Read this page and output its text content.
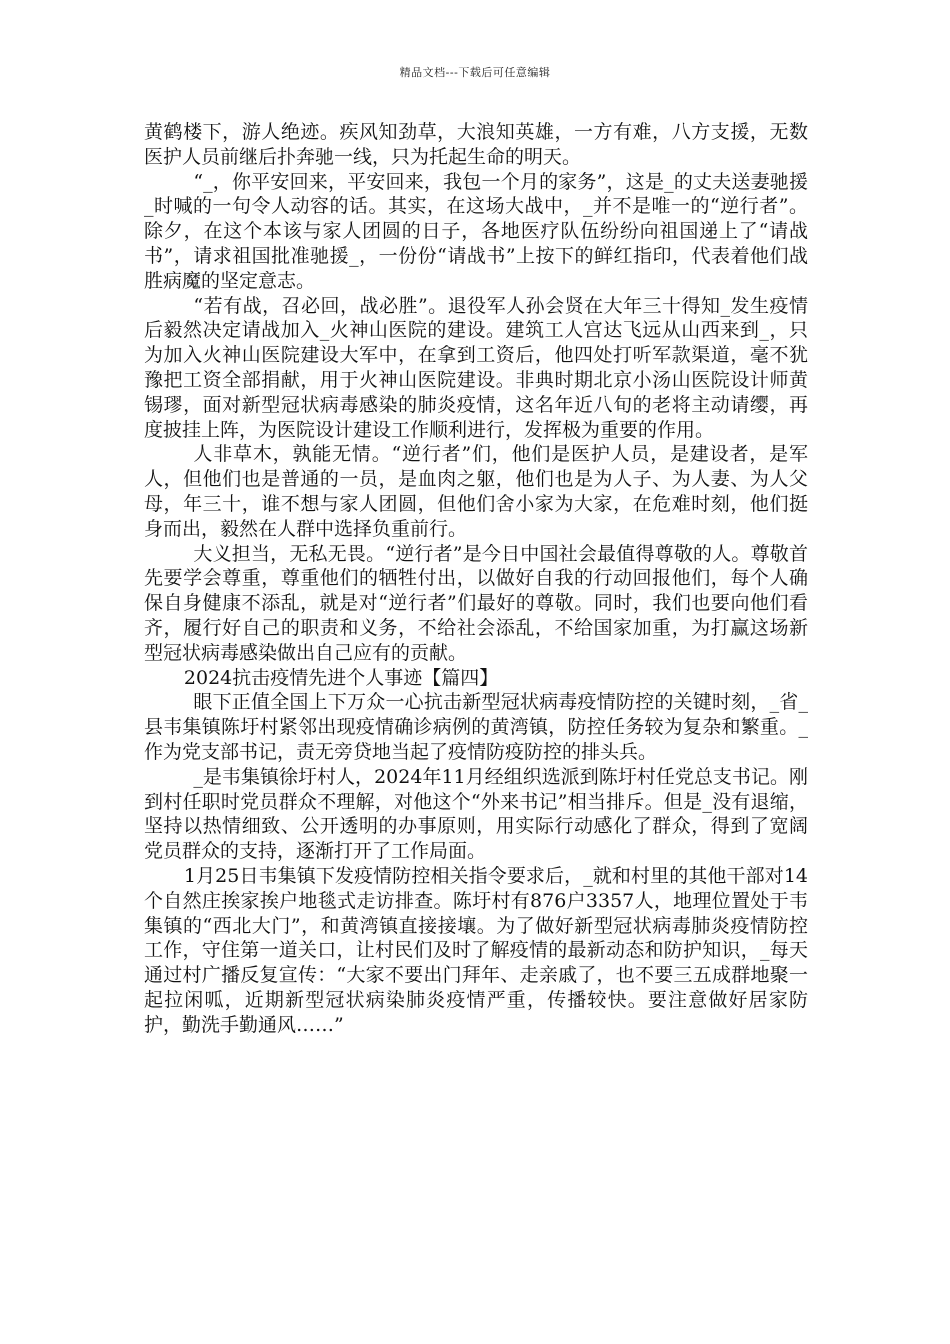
精品文档---下载后可任意编辑

黄鹤楼下，游人绝迹。疾风知劲草，大浪知英雄，一方有难，八方支援，无数医护人员前继后扑奔驰一线，只为托起生命的明天。

“_，你平安回来，平安回来，我包一个月的家务”，这是_的丈夫送妻驰援_时喊的一句令人动容的话。其实，在这场大战中，_并不是唯一的“逆行者”。除夕，在这个本该与家人团圆的日子，各地医疗队伍纷纷向祖国递上了“请战书”，请求祖国批准驰援_，一份份“请战书”上按下的鲜红指印，代表着他们战胜病魔的坚定意志。

“若有战，召必回，战必胜”。退役军人孙会贤在大年三十得知_发生疫情后毅然决定请战加入_火神山医院的建设。建筑工人宫达飞远从山西来到_，只为加入火神山医院建设大军中，在拿到工资后，他四处打听军款渠道，毫不犹豫把工资全部捐献，用于火神山医院建设。非典时期北京小汤山医院设计师黄锡璆，面对新型冠状病毒感染的肺炎疫情，这名年近八旬的老将主动请缨，再度披挂上阵，为医院设计建设工作顺利进行，发挥极为重要的作用。

人非草木，孰能无情。“逆行者”们，他们是医护人员，是建设者，是军人，但他们也是普通的一员，是血肉之躯，他们也是为人子、为人妻、为人父母，年三十，谁不想与家人团圆，但他们舍小家为大家，在危难时刻，他们挺身而出，毅然在人群中选择负重前行。

大义担当，无私无畏。“逆行者”是今日中国社会最值得尊敬的人。尊敬首先要学会尊重，尊重他们的牺牲付出，以做好自我的行动回报他们，每个人确保自身健康不添乱，就是对“逆行者”们最好的尊敬。同时，我们也要向他们看齐，履行好自己的职责和义务，不给社会添乱，不给国家加重，为打赢这场新型冠状病毒感染做出自己应有的贡献。

2024抗击疫情先进个人事迹【篇四】

眼下正值全国上下万众一心抗击新型冠状病毒疫情防控的关键时刻，_省_县韦集镇陈圩村紧邻出现疫情确诊病例的黄湾镇，防控任务较为复杂和繁重。_作为党支部书记，责无旁贷地当起了疫情防疫防控的排头兵。

_是韦集镇徐圩村人，2024年11月经组织选派到陈圩村任党总支书记。刚到村任职时党员群众不理解，对他这个“外来书记”相当排斥。但是_没有退缩，坚持以热情细致、公开透明的办事原则，用实际行动感化了群众，得到了宽阔党员群众的支持，逐渐打开了工作局面。

1月25日韦集镇下发疫情防控相关指令要求后，_就和村里的其他干部对14个自然庄挨家挨户地毯式走访排查。陈圩村有876户3357人，地理位置处于韦集镇的“西北大门”，和黄湾镇直接接壤。为了做好新型冠状病毒肺炎疫情防控工作，守住第一道关口，让村民们及时了解疫情的最新动态和防护知识，_每天通过村广播反复宣传：“大家不要出门拜年、走亲戚了，也不要三五成群地聚一起拉闲呱，近期新型冠状病染肺炎疫情严重，传播较快。要注意做好居家防护，勤洗手勤通风……”
